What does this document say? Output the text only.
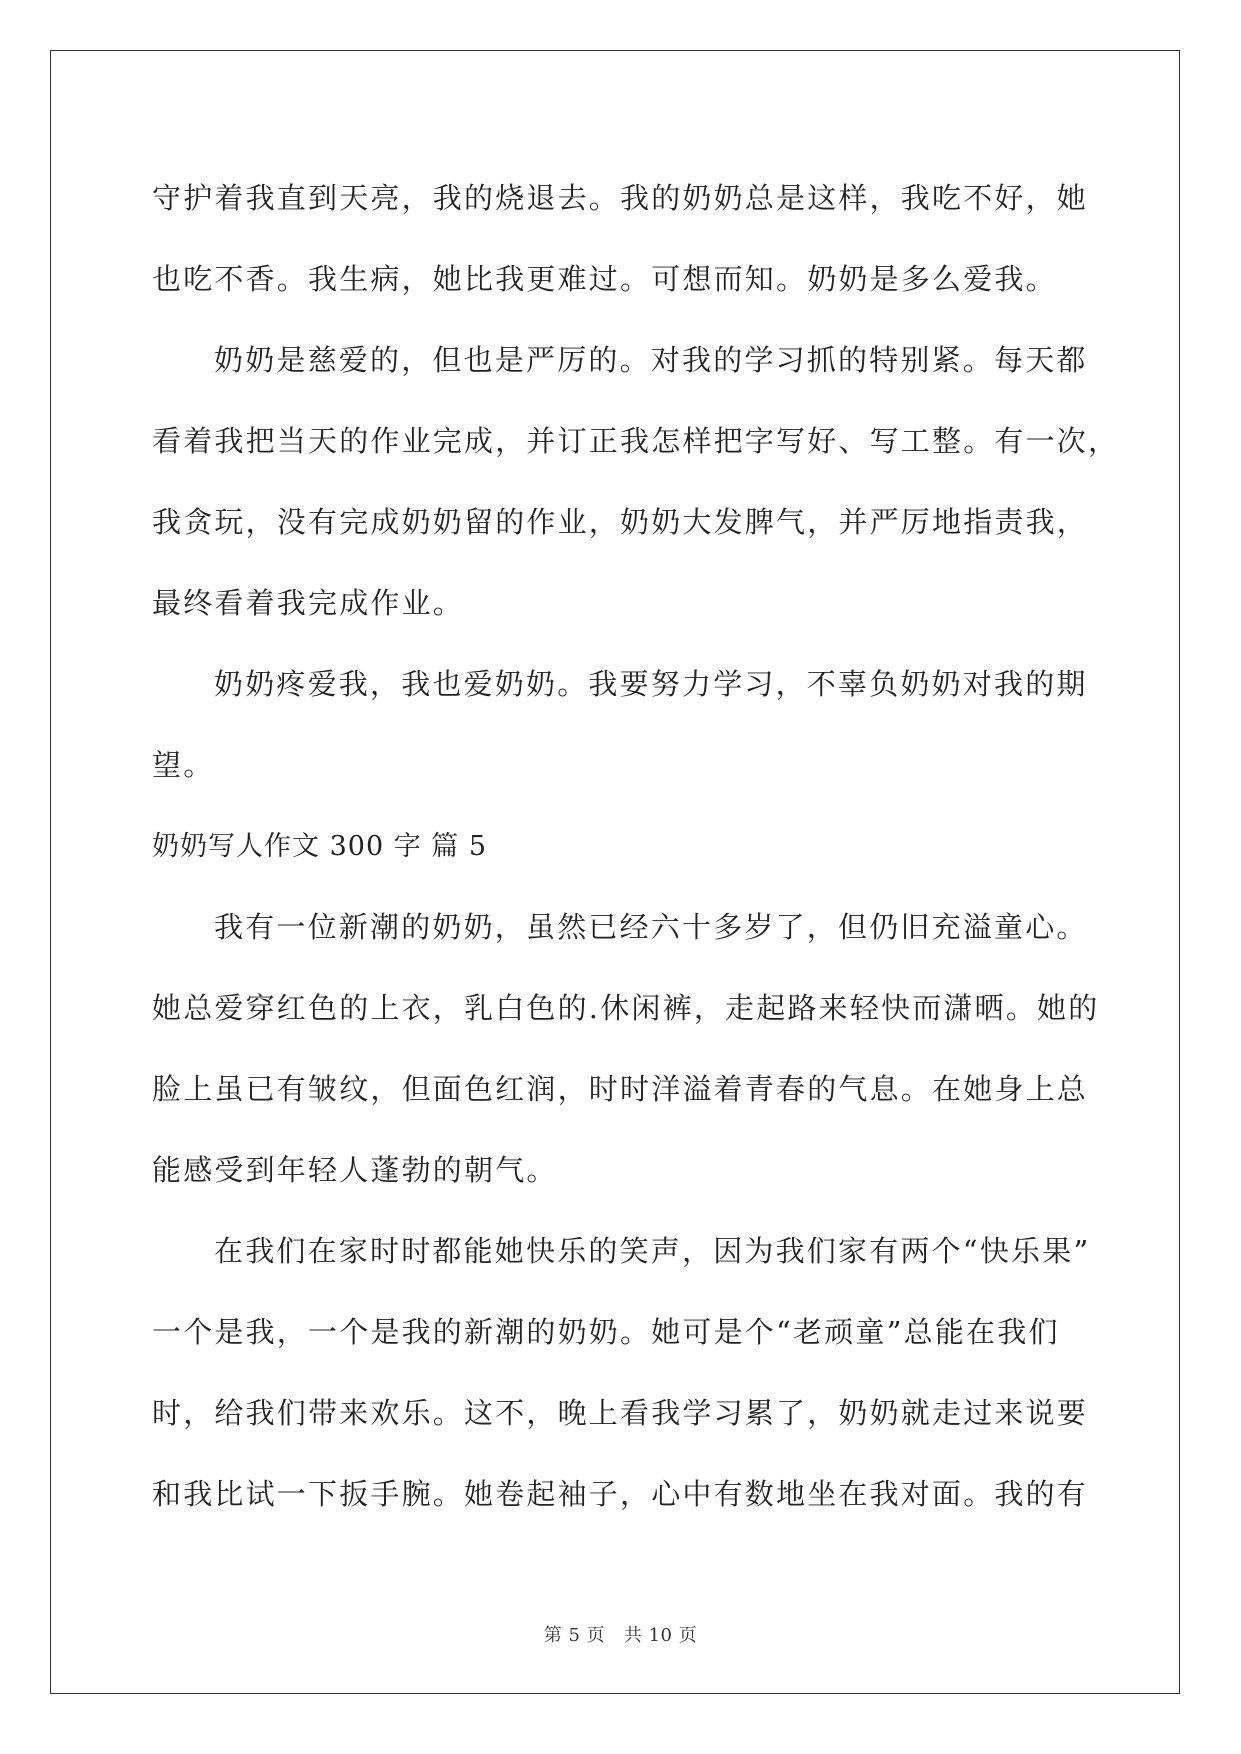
守护着我直到天亮，我的烧退去。我的奶奶总是这样，我吃不好，她
也吃不香。我生病，她比我更难过。可想而知。奶奶是多么爱我。
奶奶是慈爱的，但也是严厉的。对我的学习抓的特别紧。每天都
看着我把当天的作业完成，并订正我怎样把字写好、写工整。有一次，
我贪玩，没有完成奶奶留的作业，奶奶大发脾气，并严厉地指责我，
最终看着我完成作业。
奶奶疼爱我，我也爱奶奶。我要努力学习，不辜负奶奶对我的期
望。
奶奶写人作文 300 字 篇 5
我有一位新潮的奶奶，虽然已经六十多岁了，但仍旧充溢童心。
她总爱穿红色的上衣，乳白色的.休闲裤，走起路来轻快而潇晒。她的
脸上虽已有皱纹，但面色红润，时时洋溢着青春的气息。在她身上总
能感受到年轻人蓬勃的朝气。
在我们在家时时都能她快乐的笑声，因为我们家有两个“快乐果”
一个是我，一个是我的新潮的奶奶。她可是个“老顽童”总能在我们
时，给我们带来欢乐。这不，晚上看我学习累了，奶奶就走过来说要
和我比试一下扳手腕。她卷起袖子，心中有数地坐在我对面。我的有
第 5 页 共 10 页
